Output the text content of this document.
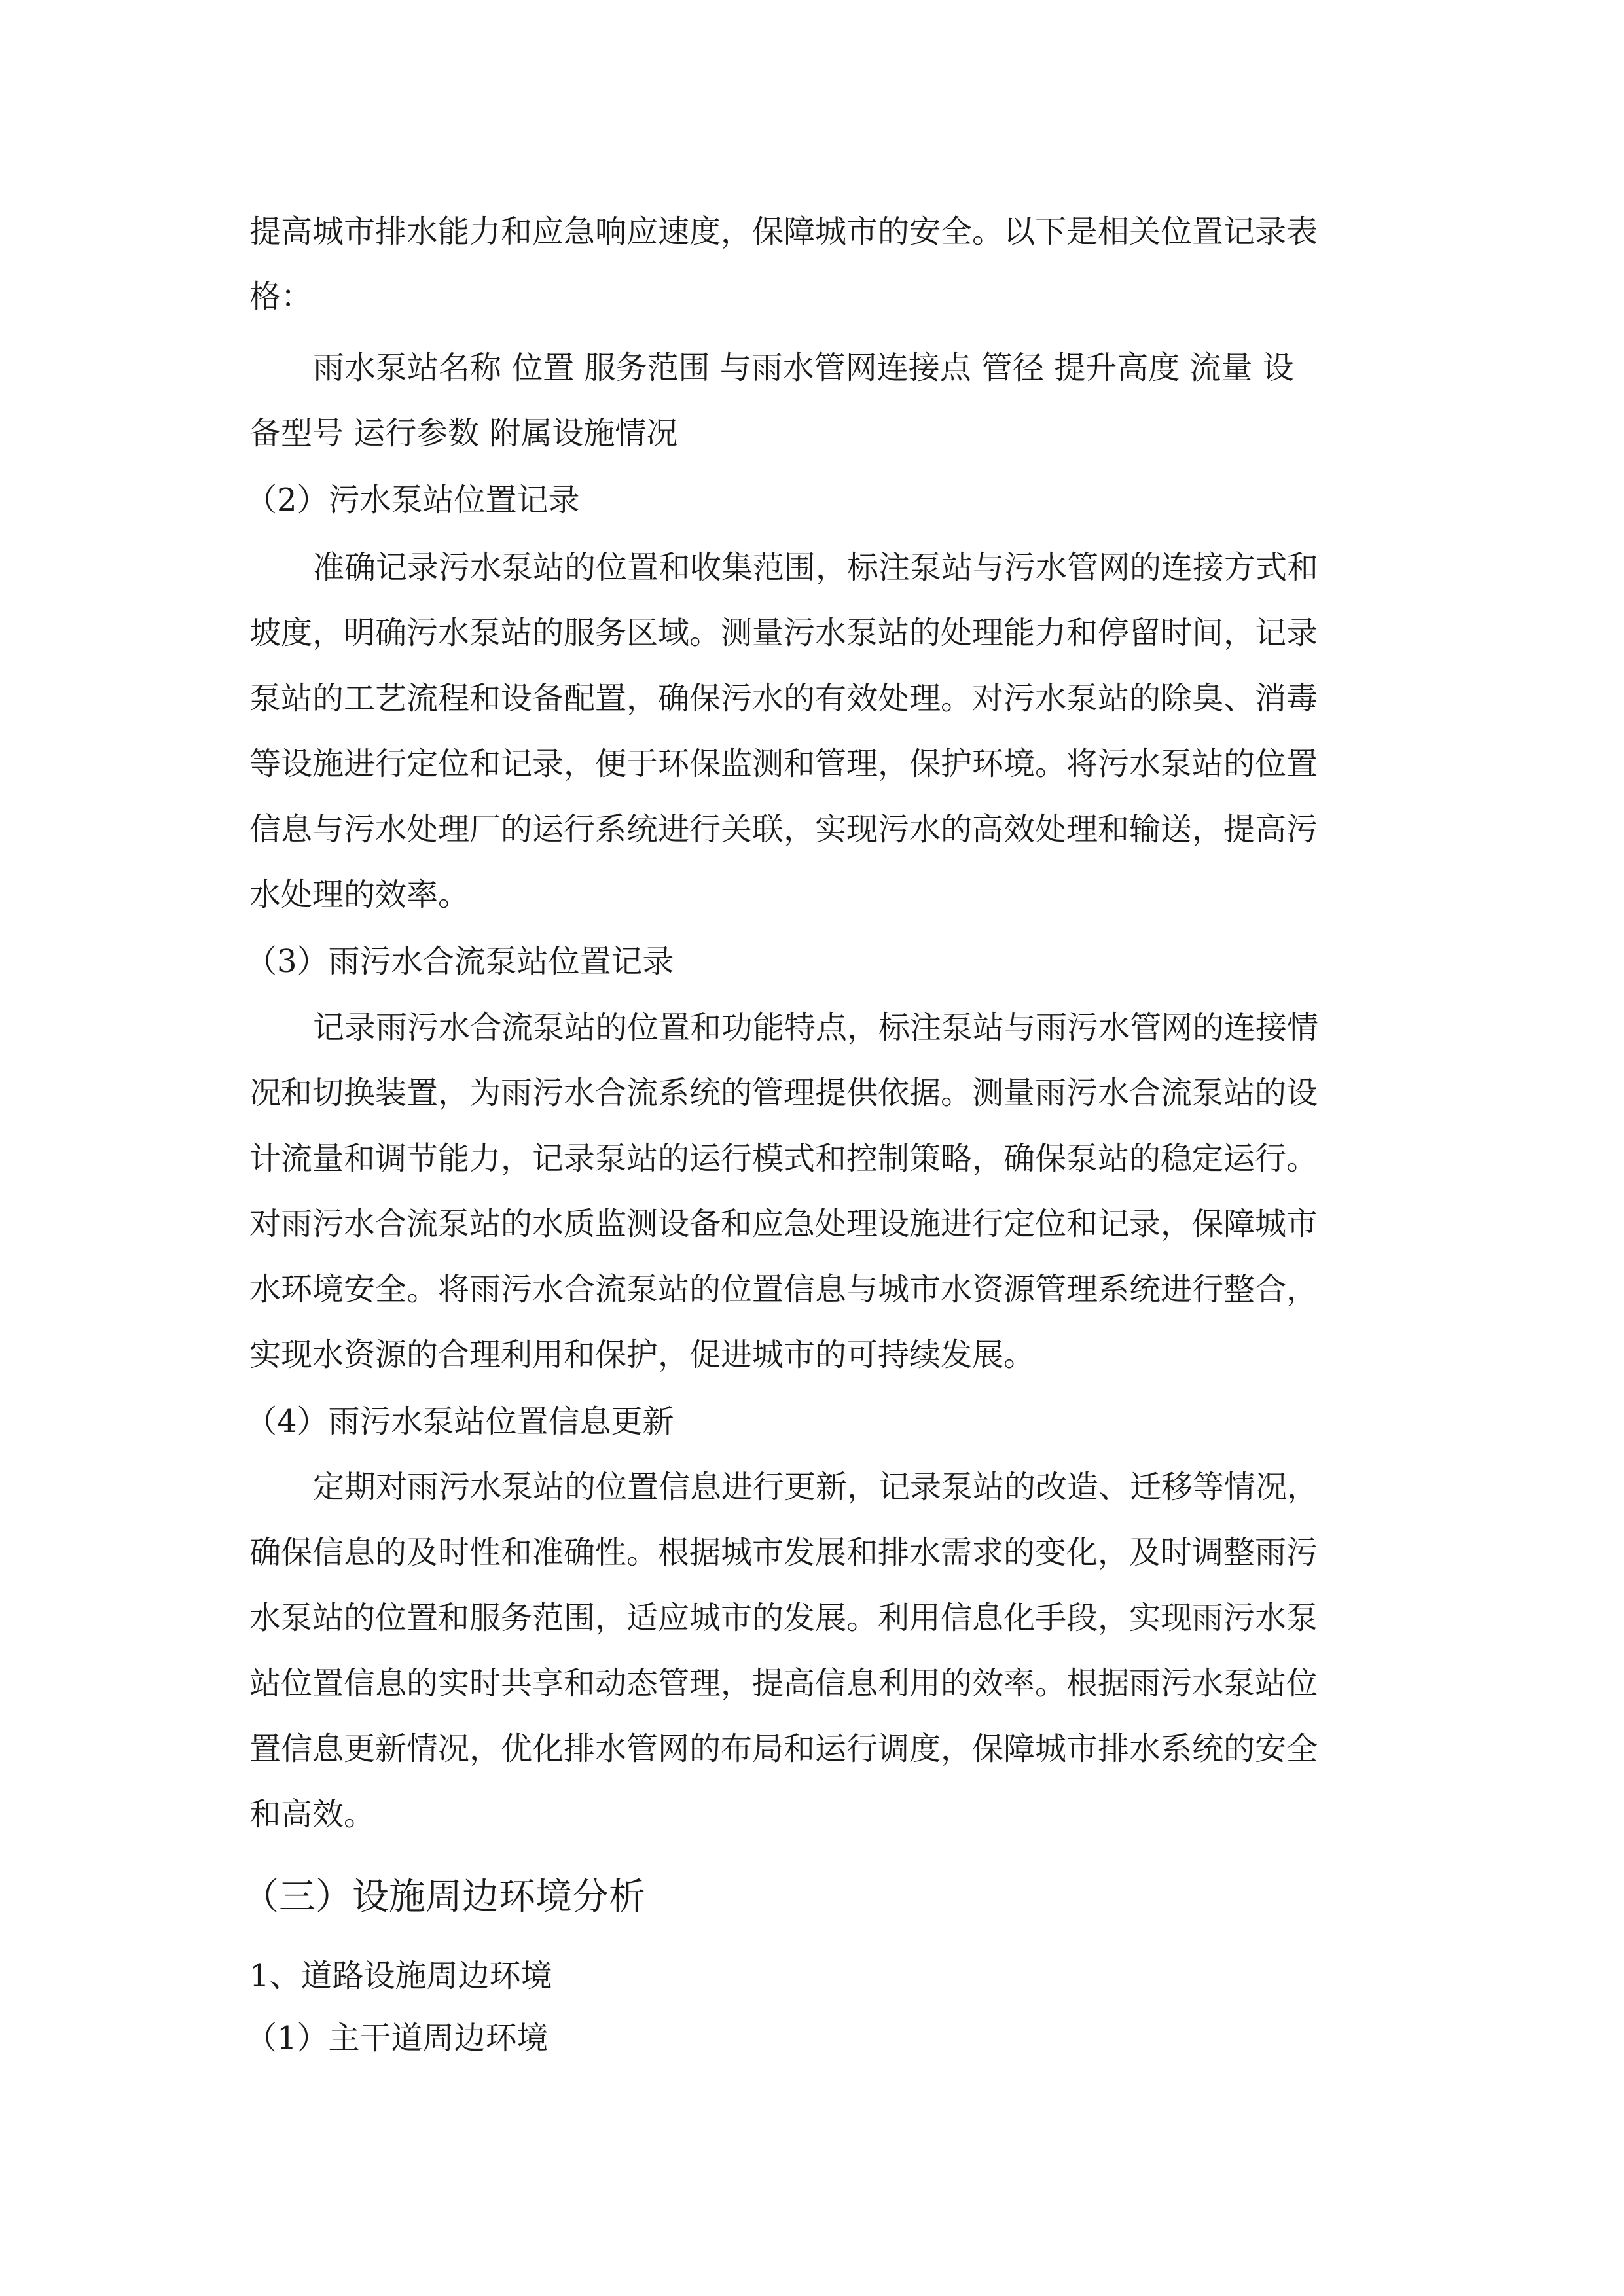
提高城市排水能力和应急响应速度，保障城市的安全。以下是相关位置记录表
格：
雨水泵站名称 位置 服务范围 与雨水管网连接点 管径 提升高度 流量 设
备型号 运行参数 附属设施情况
（2）污水泵站位置记录
准确记录污水泵站的位置和收集范围，标注泵站与污水管网的连接方式和
坡度，明确污水泵站的服务区域。测量污水泵站的处理能力和停留时间，记录
泵站的工艺流程和设备配置，确保污水的有效处理。对污水泵站的除臭、消毒
等设施进行定位和记录，便于环保监测和管理，保护环境。将污水泵站的位置
信息与污水处理厂的运行系统进行关联，实现污水的高效处理和输送，提高污
水处理的效率。
（3）雨污水合流泵站位置记录
记录雨污水合流泵站的位置和功能特点，标注泵站与雨污水管网的连接情
况和切换装置，为雨污水合流系统的管理提供依据。测量雨污水合流泵站的设
计流量和调节能力，记录泵站的运行模式和控制策略，确保泵站的稳定运行。
对雨污水合流泵站的水质监测设备和应急处理设施进行定位和记录，保障城市
水环境安全。将雨污水合流泵站的位置信息与城市水资源管理系统进行整合，
实现水资源的合理利用和保护，促进城市的可持续发展。
（4）雨污水泵站位置信息更新
定期对雨污水泵站的位置信息进行更新，记录泵站的改造、迁移等情况，
确保信息的及时性和准确性。根据城市发展和排水需求的变化，及时调整雨污
水泵站的位置和服务范围，适应城市的发展。利用信息化手段，实现雨污水泵
站位置信息的实时共享和动态管理，提高信息利用的效率。根据雨污水泵站位
置信息更新情况，优化排水管网的布局和运行调度，保障城市排水系统的安全
和高效。
（三）设施周边环境分析
1、道路设施周边环境
（1）主干道周边环境
